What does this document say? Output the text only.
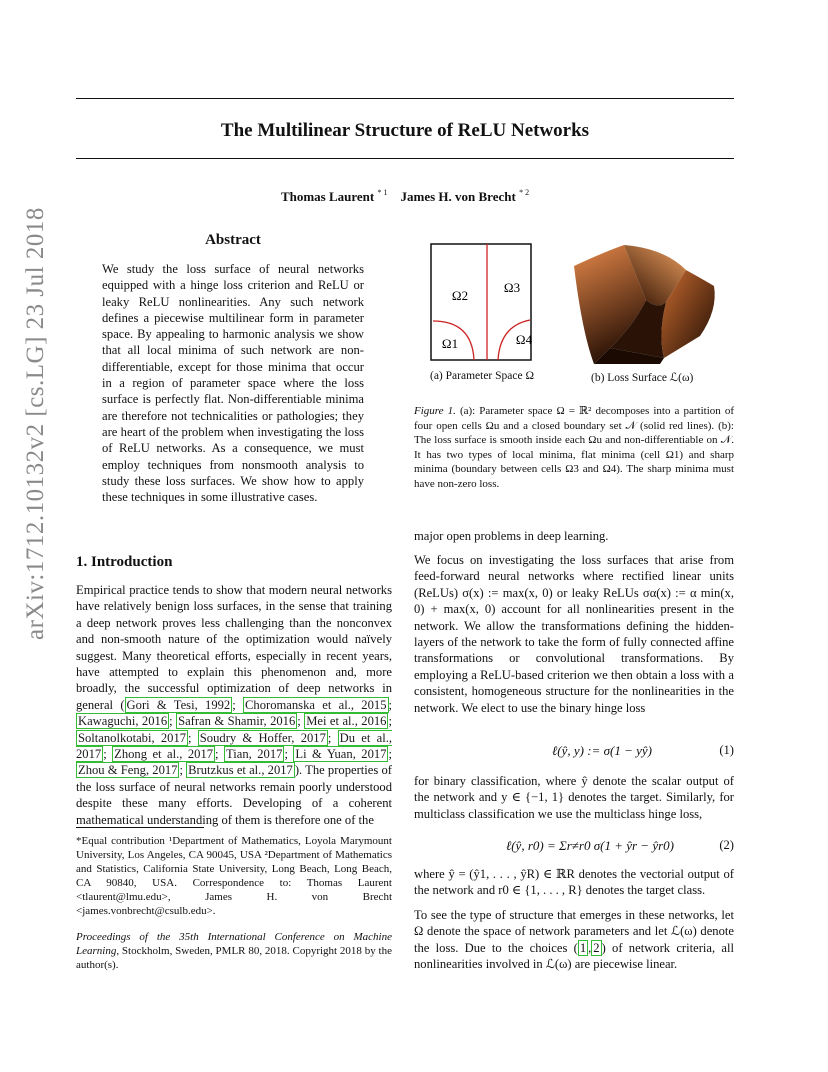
The Multilinear Structure of ReLU Networks
Thomas Laurent $^{* 1}$ James H. von Brecht $^{* 2}$
arXiv:1712.10132v2 [cs.LG] 23 Jul 2018	Abstract
We study the loss surface of neural networks equipped with a hinge loss criterion and ReLU or leaky ReLU nonlinearities. Any such network defines a piecewise multilinear form in parameter space. By appealing to harmonic analysis we show that all local minima of such network are non-differentiable, except for those minima that occur in a region of parameter space where the loss surface is perfectly flat. Non-differentiable minima are therefore not technicalities or pathologies; they are heart of the problem when investigating the loss of ReLU networks. As a consequence, we must employ techniques from nonsmooth analysis to study these loss surfaces. We show how to apply these techniques in some illustrative cases.
1. Introduction
Empirical practice tends to show that modern neural networks have relatively benign loss surfaces, in the sense that training a deep network proves less challenging than the nonconvex and non-smooth nature of the optimization would naïvely suggest. Many theoretical efforts, especially in recent years, have attempted to explain this phenomenon and, more broadly, the successful optimization of deep networks in general ( Gori & Tesi, 1992 ; Choromanska et al., 2015 ; Kawaguchi, 2016 ; Safran & Shamir, 2016 ; Mei et al., 2016 ; Soltanolkotabi, 2017 ; Soudry & Hoffer, 2017 ; Du et al., 2017 ; Zhong et al., 2017 ; Tian, 2017 ; Li & Yuan, 2017 ; Zhou & Feng, 2017 ; Brutzkus et al., 2017 ). The properties of the loss surface of neural networks remain poorly understood despite these many efforts. Developing of a coherent mathematical understanding of them is therefore one of the
*Equal contribution ¹Department of Mathematics, Loyola Marymount University, Los Angeles, CA 90045, USA ²Department of Mathematics and Statistics, California State University, Long Beach, Long Beach, CA 90840, USA. Correspondence to: Thomas Laurent <tlaurent@lmu.edu>, James H. von Brecht <james.vonbrecht@csulb.edu>.
Proceedings of the 35th International Conference on Machine Learning, Stockholm, Sweden, PMLR 80, 2018. Copyright 2018 by the author(s).
Ω2
Ω3
Ω1	Ω4
(a) Parameter Space Ω	(b) Loss Surface ℒ(ω)
Figure 1. (a): Parameter space Ω = ℝ² decomposes into a partition of four open cells Ωu and a closed boundary set 𝒩 (solid red lines). (b): The loss surface is smooth inside each Ωu and non-differentiable on 𝒩. It has two types of local minima, flat minima (cell Ω1) and sharp minima (boundary between cells Ω3 and Ω4). The sharp minima must have non-zero loss.
major open problems in deep learning.
We focus on investigating the loss surfaces that arise from feed-forward neural networks where rectified linear units (ReLUs) σ(x) := max(x, 0) or leaky ReLUs σα(x) := α min(x, 0) + max(x, 0) account for all nonlinearities present in the network. We allow the transformations defining the hidden-layers of the network to take the form of fully connected affine transformations or convolutional transformations. By employing a ReLU-based criterion we then obtain a loss with a consistent, homogeneous structure for the nonlinearities in the network. We elect to use the binary hinge loss
ℓ(ŷ, y) := σ(1 − yŷ)	(1)
for binary classification, where ŷ denote the scalar output of the network and y ∈ {−1, 1} denotes the target. Similarly, for multiclass classification we use the multiclass hinge loss,
ℓ(ŷ, r0) = Σr≠r0 σ(1 + ŷr − ŷr0)	(2)
where ŷ = (ŷ1, . . . , ŷR) ∈ ℝR denotes the vectorial output of the network and r0 ∈ {1, . . . , R} denotes the target class.
To see the type of structure that emerges in these networks, let Ω denote the space of network parameters and let ℒ(ω) denote the loss. Due to the choices ( 1 , 2 ) of network criteria, all nonlinearities involved in ℒ(ω) are piecewise linear.
